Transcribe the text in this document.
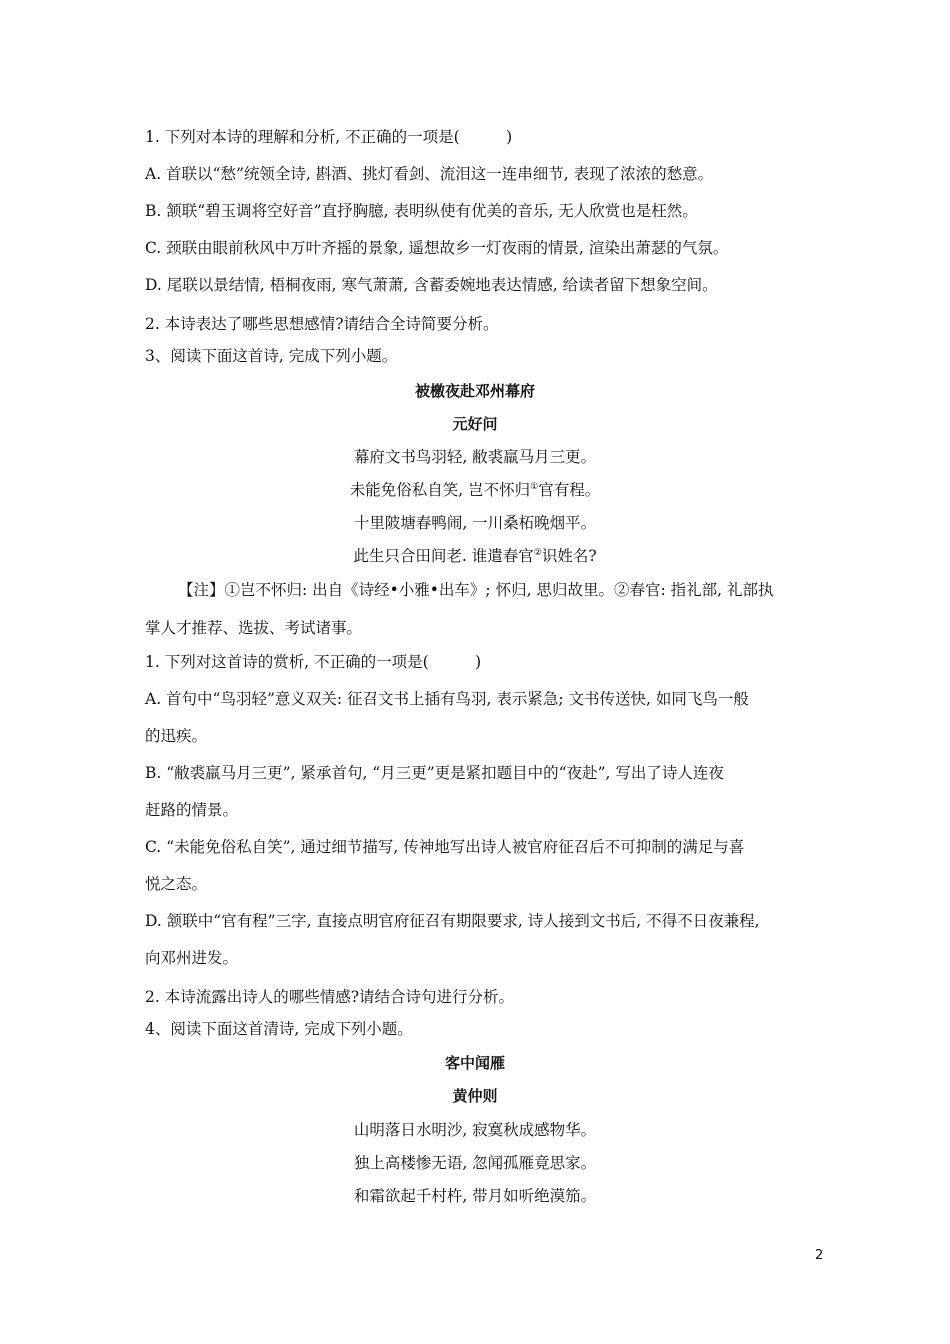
1. 下列对本诗的理解和分析, 不正确的一项是(　　　)
A. 首联以“愁”统领全诗, 斟酒、挑灯看剑、流泪这一连串细节, 表现了浓浓的愁意。
B. 颔联“碧玉调将空好音”直抒胸臆, 表明纵使有优美的音乐, 无人欣赏也是枉然。
C. 颈联由眼前秋风中万叶齐摇的景象, 遥想故乡一灯夜雨的情景, 渲染出萧瑟的气氛。
D. 尾联以景结情, 梧桐夜雨, 寒气萧萧, 含蓄委婉地表达情感, 给读者留下想象空间。
2. 本诗表达了哪些思想感情?请结合全诗简要分析。
3、阅读下面这首诗, 完成下列小题。
被檄夜赴邓州幕府
元好问
幕府文书鸟羽轻, 敝裘羸马月三更。
未能免俗私自笑, 岂不怀归①官有程。
十里陂塘春鸭闹, 一川桑柘晚烟平。
此生只合田间老. 谁遣春官②识姓名?
【注】①岂不怀归: 出自《诗经•小雅•出车》; 怀归, 思归故里。②春官: 指礼部, 礼部执
掌人才推荐、选拔、考试诸事。
1. 下列对这首诗的赏析, 不正确的一项是(　　　)
A. 首句中“鸟羽轻”意义双关: 征召文书上插有鸟羽, 表示紧急; 文书传送快, 如同飞鸟一般
的迅疾。
B. “敝裘羸马月三更”, 紧承首句, “月三更”更是紧扣题目中的“夜赴”, 写出了诗人连夜
赶路的情景。
C. “未能免俗私自笑”, 通过细节描写, 传神地写出诗人被官府征召后不可抑制的满足与喜
悦之态。
D. 颔联中“官有程”三字, 直接点明官府征召有期限要求, 诗人接到文书后, 不得不日夜兼程,
向邓州进发。
2. 本诗流露出诗人的哪些情感?请结合诗句进行分析。
4、阅读下面这首清诗, 完成下列小题。
客中闻雁
黄仲则
山明落日水明沙, 寂寞秋成感物华。
独上高楼惨无语, 忽闻孤雁竟思家。
和霜欲起千村杵, 带月如听绝漠笳。
2
